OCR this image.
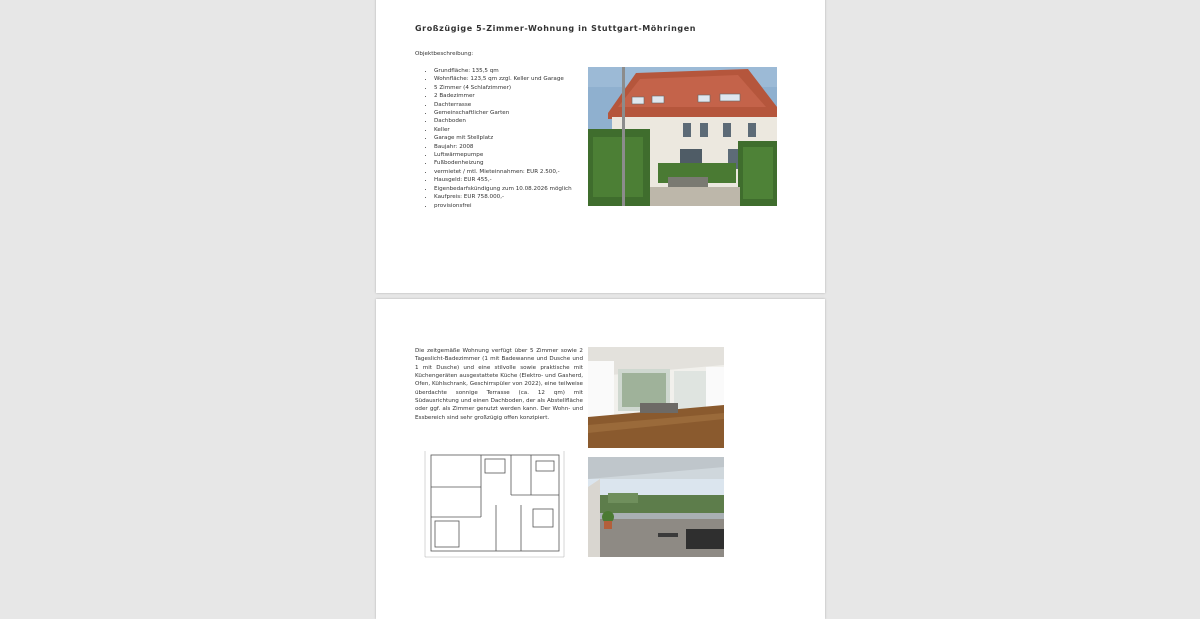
Großzügige 5-Zimmer-Wohnung in Stuttgart-Möhringen
Objektbeschreibung:
• Grundfläche: 135,5 qm
• Wohnfläche: 123,5 qm zzgl. Keller und Garage
• 5 Zimmer (4 Schlafzimmer)
• 2 Badezimmer
• Dachterrasse
• Gemeinschaftlicher Garten
• Dachboden
• Keller
• Garage mit Stellplatz
• Baujahr: 2008
• Luftwärmepumpe
• Fußbodenheizung
• vermietet / mtl. Mieteinnahmen: EUR 2.500,-
• Hausgeld: EUR 455,-
• Eigenbedarfskündigung zum 10.08.2026 möglich
• Kaufpreis: EUR 758.000,-
• provisionsfrei
Die zeitgemäße Wohnung verfügt über 5 Zimmer sowie 2 Tageslicht-Badezimmer (1 mit Badewanne und Dusche und 1 mit Dusche) und eine stilvolle sowie praktische mit Küchengeräten ausgestattete Küche (Elektro- und Gasherd, Ofen, Kühlschrank, Geschirrspüler von 2022), eine teilweise überdachte sonnige Terrasse (ca. 12 qm) mit Südausrichtung und einen Dachboden, der als Abstellfläche oder ggf. als Zimmer genutzt werden kann. Der Wohn- und Essbereich sind sehr großzügig offen konzipiert.
